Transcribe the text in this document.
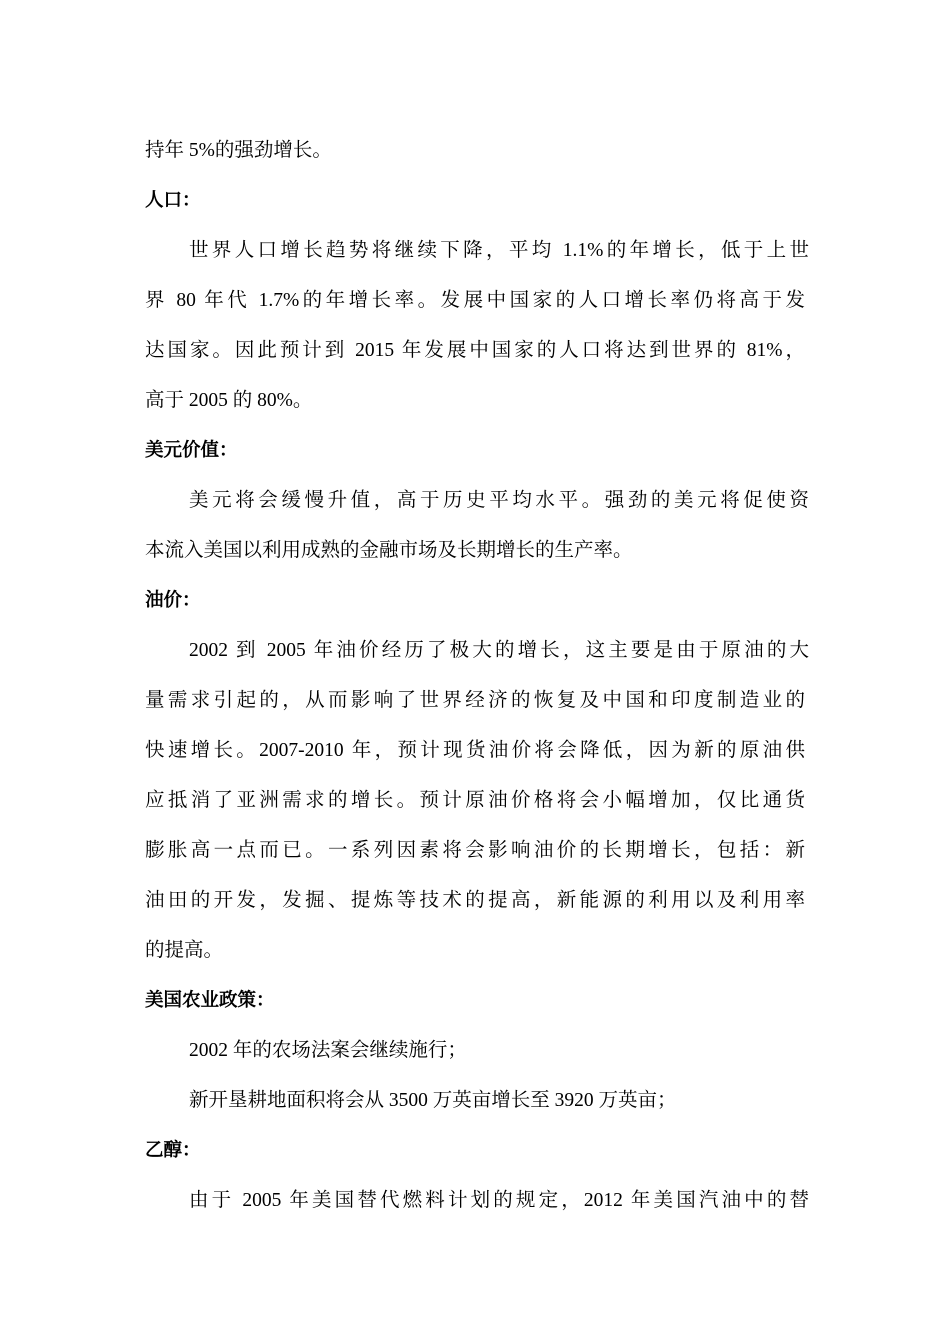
持年 5%的强劲增长。
人口：
世界人口增长趋势将继续下降，平均 1.1%的年增长，低于上世
界 80 年代 1.7%的年增长率。发展中国家的人口增长率仍将高于发
达国家。因此预计到 2015 年发展中国家的人口将达到世界的 81%，
高于 2005 的 80%。
美元价值：
美元将会缓慢升值，高于历史平均水平。强劲的美元将促使资
本流入美国以利用成熟的金融市场及长期增长的生产率。
油价：
2002 到 2005 年油价经历了极大的增长，这主要是由于原油的大
量需求引起的，从而影响了世界经济的恢复及中国和印度制造业的
快速增长。2007-2010 年，预计现货油价将会降低，因为新的原油供
应抵消了亚洲需求的增长。预计原油价格将会小幅增加，仅比通货
膨胀高一点而已。一系列因素将会影响油价的长期增长，包括：新
油田的开发，发掘、提炼等技术的提高，新能源的利用以及利用率
的提高。
美国农业政策：
2002 年的农场法案会继续施行；
新开垦耕地面积将会从 3500 万英亩增长至 3920 万英亩；
乙醇：
由于 2005 年美国替代燃料计划的规定，2012 年美国汽油中的替
